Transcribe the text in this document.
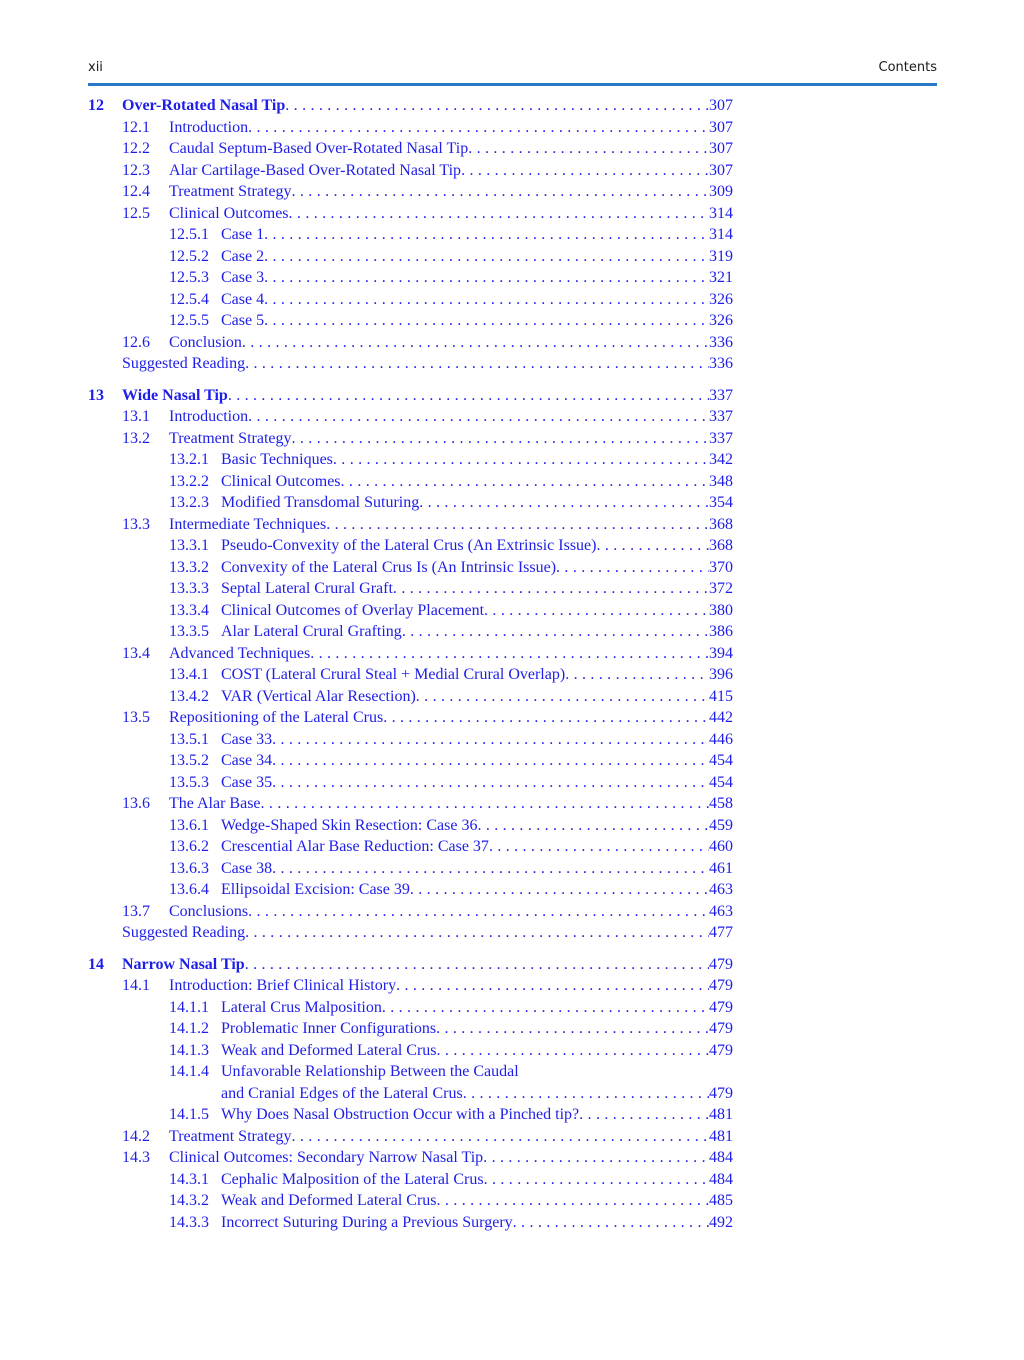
xii	Contents
12 Over-Rotated Nasal Tip . . .	307
12.1 Introduction . . .	307
12.2 Caudal Septum-Based Over-Rotated Nasal Tip . . .	307
12.3 Alar Cartilage-Based Over-Rotated Nasal Tip . . .	307
12.4 Treatment Strategy . . .	309
12.5 Clinical Outcomes . . .	314
12.5.1 Case 1 . . .	314
12.5.2 Case 2 . . .	319
12.5.3 Case 3 . . .	321
12.5.4 Case 4 . . .	326
12.5.5 Case 5 . . .	326
12.6 Conclusion . . .	336
Suggested Reading . . .	336
13 Wide Nasal Tip . . .	337
13.1 Introduction . . .	337
13.2 Treatment Strategy . . .	337
13.2.1 Basic Techniques . . .	342
13.2.2 Clinical Outcomes . . .	348
13.2.3 Modified Transdomal Suturing . . .	354
13.3 Intermediate Techniques . . .	368
13.3.1 Pseudo-Convexity of the Lateral Crus (An Extrinsic Issue) . . .	368
13.3.2 Convexity of the Lateral Crus Is (An Intrinsic Issue) . . .	370
13.3.3 Septal Lateral Crural Graft . . .	372
13.3.4 Clinical Outcomes of Overlay Placement . . .	380
13.3.5 Alar Lateral Crural Grafting . . .	386
13.4 Advanced Techniques . . .	394
13.4.1 COST (Lateral Crural Steal + Medial Crural Overlap) . . .	396
13.4.2 VAR (Vertical Alar Resection) . . .	415
13.5 Repositioning of the Lateral Crus . . .	442
13.5.1 Case 33 . . .	446
13.5.2 Case 34 . . .	454
13.5.3 Case 35 . . .	454
13.6 The Alar Base . . .	458
13.6.1 Wedge-Shaped Skin Resection: Case 36 . . .	459
13.6.2 Crescential Alar Base Reduction: Case 37 . . .	460
13.6.3 Case 38 . . .	461
13.6.4 Ellipsoidal Excision: Case 39 . . .	463
13.7 Conclusions . . .	463
Suggested Reading . . .	477
14 Narrow Nasal Tip . . .	479
14.1 Introduction: Brief Clinical History . . .	479
14.1.1 Lateral Crus Malposition . . .	479
14.1.2 Problematic Inner Configurations . . .	479
14.1.3 Weak and Deformed Lateral Crus . . .	479
14.1.4 Unfavorable Relationship Between the Caudal
and Cranial Edges of the Lateral Crus . . .	479
14.1.5 Why Does Nasal Obstruction Occur with a Pinched tip? . . .	481
14.2 Treatment Strategy . . .	481
14.3 Clinical Outcomes: Secondary Narrow Nasal Tip . . .	484
14.3.1 Cephalic Malposition of the Lateral Crus . . .	484
14.3.2 Weak and Deformed Lateral Crus . . .	485
14.3.3 Incorrect Suturing During a Previous Surgery . . .	492
